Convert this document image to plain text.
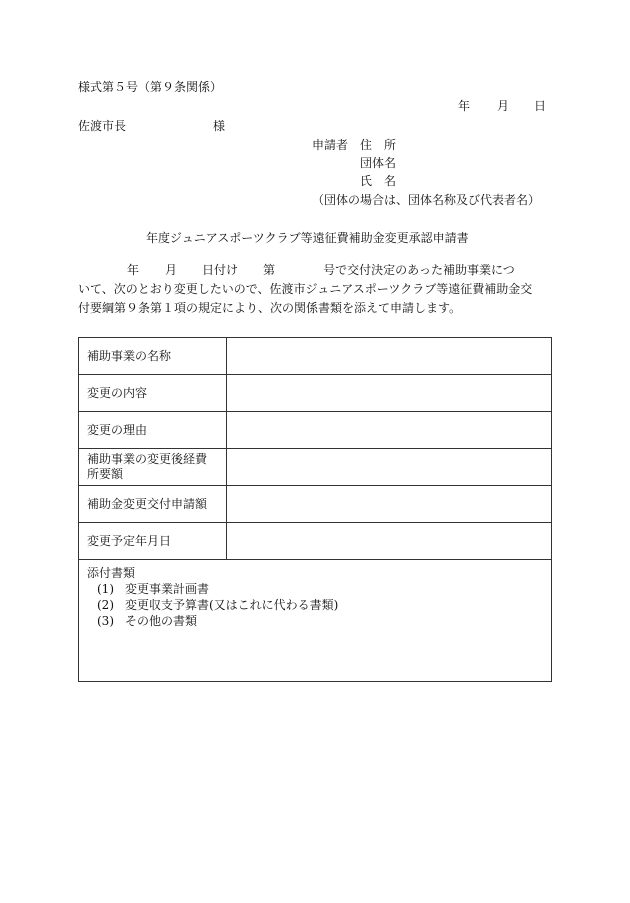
様式第５号（第９条関係）
年 月 日
佐渡市長	様
申請者 住　所
団体名
氏　名
（団体の場合は、団体名称及び代表者名）
年度ジュニアスポーツクラブ等遠征費補助金変更承認申請書
年 月 日付け 第	号で交付決定のあった補助事業につ
いて、次のとおり変更したいので、佐渡市ジュニアスポーツクラブ等遠征費補助金交
付要綱第９条第１項の規定により、次の関係書類を添えて申請します。
補助事業の名称	
変更の内容	
変更の理由	
補助事業の変更後経費所要額	
補助金変更交付申請額	
変更予定年月日	

添付書類
(1) 変更事業計画書
(2) 変更収支予算書(又はこれに代わる書類)
(3) その他の書類	
